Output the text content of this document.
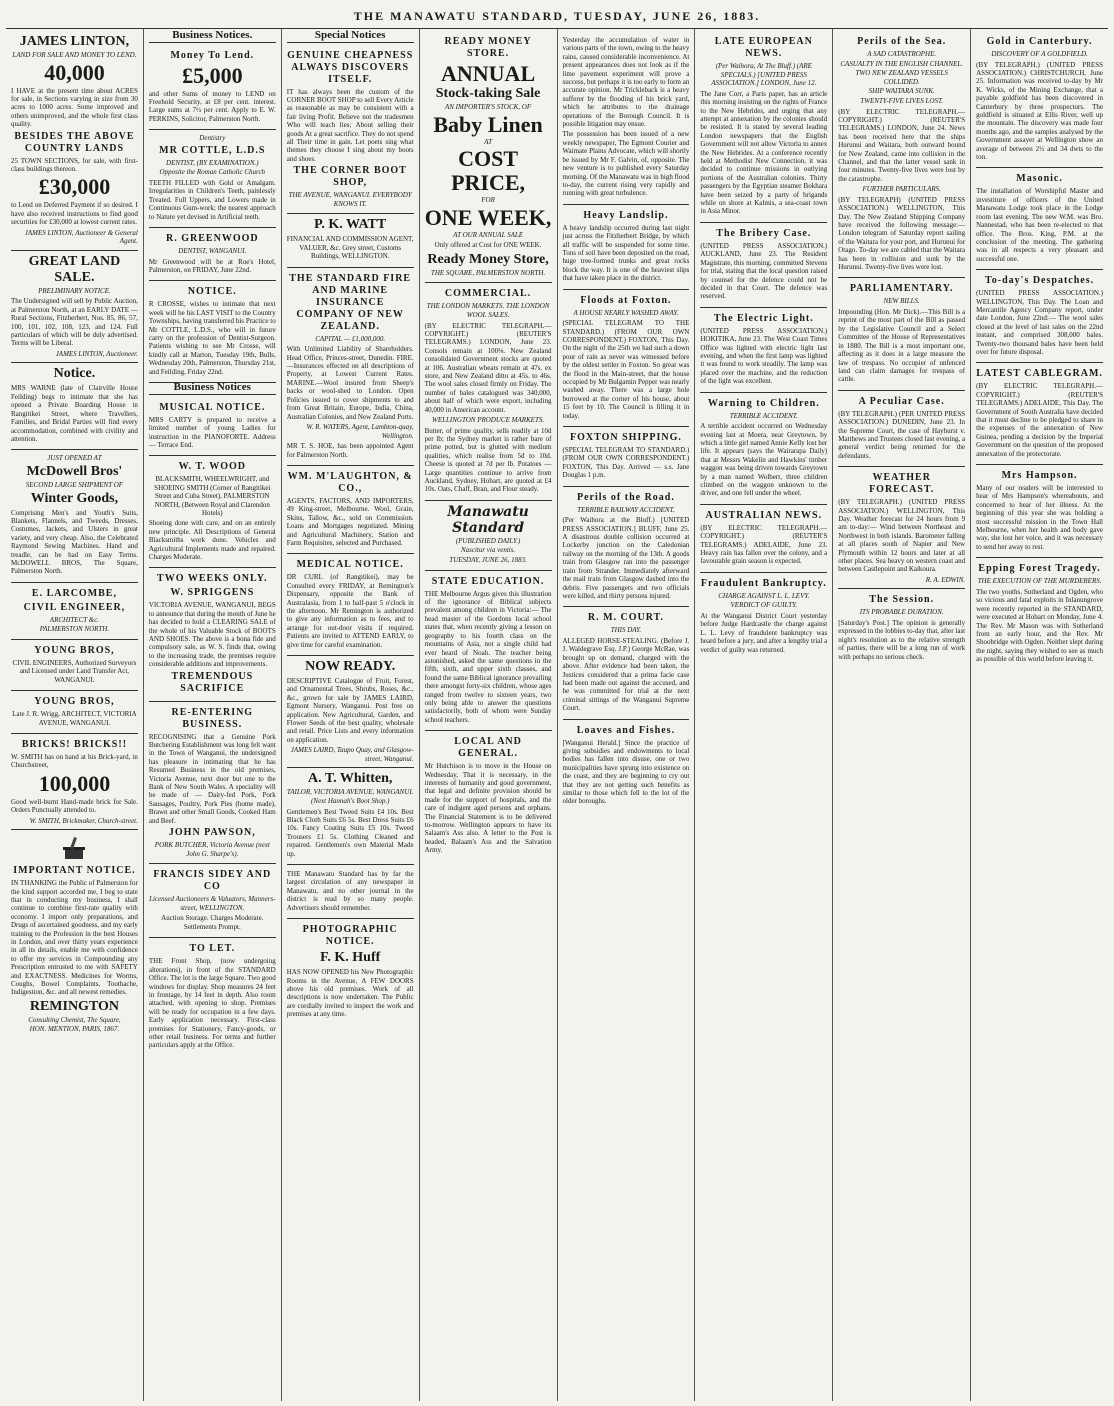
THE MANAWATU STANDARD, TUESDAY, JUNE 26, 1883.
JAMES LINTON,
LAND FOR SALE AND MONEY TO LEND.
40,000
I HAVE at the present time about ACRES for sale, in Sections varying in size from 30 acres to 1000 acres. Some improved and others unimproved, and the whole first class quality.
BESIDES THE ABOVE COUNTRY LANDS
25 TOWN SECTIONS, for sale, with first-class buildings thereon.
£30,000
to Lend on Deferred Payment if so desired. I have also received instructions to find good securities for £30,000 at lowest current rates.
JAMES LINTON, Auctioneer & General Agent.
GREAT LAND SALE.
PRELIMINARY NOTICE.
The Undersigned will sell by Public Auction, at Palmerston North, at an EARLY DATE — Rural Sections, Fitzherbert, Nos. 85, 86, 57, 100, 101, 102, 108, 123, and 124. Full particulars of which will be duly advertised. Terms will be Liberal.
JAMES LINTON, Auctioneer.
Notice.
MRS WARNE (late of Clairville House Feilding) begs to intimate that she has opened a Private Boarding House in Rangitikei Street, where Travellers, Families, and Bridal Parties will find every accommodation, combined with civility and attention.
JUST OPENED AT
McDowell Bros'
SECOND LARGE SHIPMENT OF
Winter Goods,
Comprising Men's and Youth's Suits, Blankets, Flannels, and Tweeds, Dresses, Costumes, Jackets, and Ulsters in great variety, and very cheap. Also, the Celebrated Raymond Sewing Machines. Hand and treadle, can be had on Easy Terms. McDOWELL BROS, The Square, Palmerston North.
E. LARCOMBE,
CIVIL ENGINEER,
ARCHITECT &c.
PALMERSTON NORTH.
YOUNG BROS,
CIVIL ENGINEERS, Authorized Surveyors and Licensed under Land Transfer Act, WANGANUI.
YOUNG BROS,
Late J. R. Wrigg, ARCHITECT, VICTORIA AVENUE, WANGANUI.
BRICKS! BRICKS!!
W. SMITH has on hand at his Brick-yard, in Churchstreet,
100,000
Good well-burnt Hand-made brick for Sale. Orders Punctually attended to.
W. SMITH, Brickmaker, Church-street.
IMPORTANT NOTICE.
IN THANKING the Public of Palmerston for the kind support accorded me, I beg to state that in conducting my business, I shall continue to combine first-rate quality with economy. I import only preparations, and Drugs of ascertained goodness, and my early training to the Profession in the best Houses in London, and over thirty years experience in all its details, enable me with confidence to offer my services in Compounding any Prescription entrusted to me with SAFETY and EXACTNESS. Medicines for Worms, Coughs, Bowel Complaints, Toothache, Indigestion, &c. and all newest remedies.
REMINGTON
Consulting Chemist, The Square,
HON. MENTION, PARIS, 1867.
Business Notices.
Money To Lend.
£5,000
and other Sums of money to LEND on Freehold Security, at £8 per cent. interest. Large sums at 7½ per cent. Apply to E. W. PERKINS, Solicitor, Palmerston North.
Dentistry
MR COTTLE, L.D.S
DENTIST, (BY EXAMINATION.)
Opposite the Roman Catholic Church
TEETH FILLED with Gold or Amalgam. Irregularities in Children's Teeth, painlessly Treated. Full Uppers, and Lowers made in Continuous Gum-work; the nearest approach to Nature yet devised in Artificial teeth.
R. GREENWOOD
DENTIST, WANGANUI.
Mr Greenwood will be at Roe's Hotel, Palmerston, on FRIDAY, June 22nd.
NOTICE.
R CROSSE, wishes to intimate that next week will be his LAST VISIT to the Country Townships, having transferred his Practice to Mr COTTLE, L.D.S., who will in future carry on the profession of Dentist-Surgeon. Patients wishing to see Mr Crosse, will kindly call at Marton, Tuesday 19th, Bulls, Wednesday 20th, Palmerston, Thursday 21st, and Feilding, Friday 22nd.
Business Notices
MUSICAL NOTICE.
MRS CARTY is prepared to receive a limited number of young Ladies for instruction in the PIANOFORTE. Address — Terrace End.
W. T. WOOD
BLACKSMITH, WHEELWRIGHT, and SHOEING SMITH (Corner of Rangitikei Street and Cuba Street), PALMERSTON NORTH, (Between Royal and Clarendon Hotels)
Shoeing done with care, and on an entirely new principle. All Descriptions of General Blacksmiths work done. Vehicles and Agricultural Implements made and repaired. Charges Moderate.
TWO WEEKS ONLY.
W. SPRIGGENS
VICTORIA AVENUE, WANGANUI, BEGS to announce that during the month of June he has decided to hold a CLEARING SALE of the whole of his Valuable Stock of BOOTS AND SHOES. The above is a bona fide and compulsory sale, as W. S. finds that, owing to the increasing trade, the premises require considerable additions and improvements.
TREMENDOUS SACRIFICE
RE-ENTERING BUSINESS.
RECOGNISING that a Genuine Pork Butchering Establishment was long felt want in the Town of Wanganui, the undersigned has pleasure in intimating that he has Resumed Business in the old premises, Victoria Avenue, next door but one to the Bank of New South Wales. A speciality will be made of — Dairy-fed Pork, Pork Sausages, Poultry, Pork Pies (home made), Brawn and other Small Goods, Cooked Ham and Beef.
JOHN PAWSON,
PORK BUTCHER, Victoria Avenue (next John G. Sharpe's).
FRANCIS SIDEY AND CO
Licensed Auctioneers & Valuators, Manners-street, WELLINGTON.
Auction Storage. Charges Moderate. Settlements Prompt.
TO LET.
THE Front Shop, (now undergoing alterations), in front of the STANDARD Office. The lot is the large Square. Two good windows for display. Shop measures 24 feet in frontage, by 14 feet in depth. Also room attached, with opening to shop. Premises will be ready for occupation in a few days. Early application necessary. First-class premises for Stationery, Fancy-goods, or other retail business. For terms and further particulars apply at the Office.
Special Notices
GENUINE CHEAPNESS ALWAYS DISCOVERS ITSELF.
IT has always been the custom of the CORNER BOOT SHOP to sell Every Article as reasonable as may be consistent with a fair living Profit. Believe not the tradesmen Who will teach lies; About selling their goods At a great sacrifice. They do not spend all Their time in gain. Let poets sing what themes they choose I sing about my boots and shoes.
THE CORNER BOOT SHOP,
THE AVENUE, WANGANUI. EVERYBODY KNOWS IT.
P. K. WATT
FINANCIAL AND COMMISSION AGENT, VALUER, &c. Grey street, Customs Buildings, WELLINGTON.
THE STANDARD FIRE AND MARINE INSURANCE COMPANY OF NEW ZEALAND.
CAPITAL — £1,000,000.
With Unlimited Liability of Shareholders. Head Office, Princes-street, Dunedin. FIRE.—Insurances effected on all descriptions of Property, at Lowest Current Rates. MARINE.—Wool insured from Sheep's backs or wool-shed to London. Open Policies issued to cover shipments to and from Great Britain, Europe, India, China, Australian Colonies, and New Zealand Ports.
W. R. WATERS, Agent, Lambton-quay, Wellington.
MR T. S. HOE, has been appointed Agent for Palmerston North.
WM. M'LAUGHTON, & CO.,
AGENTS, FACTORS, AND IMPORTERS, 49 King-street, Melbourne. Wool, Grain, Skins, Tallow, &c., sold on Commission. Loans and Mortgages negotiated. Mining and Agricultural Machinery, Station and Farm Requisites, selected and Purchased.
MEDICAL NOTICE.
DR CURL (of Rangitikei), may be Consulted every FRIDAY, at Remington's Dispensary, opposite the Bank of Australasia, from 1 to half-past 5 o'clock in the afternoon. Mr Remington is authorized to give any information as to fees, and to arrange for out-door visits if required. Patients are invited to ATTEND EARLY, to give time for careful examination.
NOW READY.
DESCRIPTIVE Catalogue of Fruit, Forest, and Ornamental Trees, Shrubs, Roses, &c., &c., grown for sale by JAMES LAIRD, Egmont Nursery, Wanganui. Post free on application. New Agricultural, Garden, and Flower Seeds of the best quality, wholesale and retail. Price Lists and every information on application.
JAMES LAIRD, Taupo Quay, and Glasgow-street, Wanganui.
A. T. Whitten,
TAILOR, VICTORIA AVENUE, WANGANUI. (Next Hannah's Boot Shop.)
Gentlemen's Best Tweed Suits £4 10s. Best Black Cloth Suits £6 5s. Best Dress Suits £6 10s. Fancy Coating Suits £5 10s. Tweed Trousers £1 5s. Clothing Cleaned and repaired. Gentlemen's own Material Made up.
THE Manawatu Standard has by far the largest circulation of any newspaper in Manawatu, and no other journal in the district is read by so many people. Advertisers should remember.
PHOTOGRAPHIC NOTICE.
F. K. Huff
HAS NOW OPENED his New Photographic Rooms in the Avenue, A FEW DOORS above his old premises. Work of all descriptions is now undertaken. The Public are cordially invited to inspect the work and premises at any time.
READY MONEY STORE.
ANNUAL
Stock-taking Sale
AN IMPORTER'S STOCK, OF
Baby Linen
AT
COST PRICE,
FOR
ONE WEEK,
AT OUR ANNUAL SALE
Only offered at Cost for ONE WEEK.
Ready Money Store,
THE SQUARE, PALMERSTON NORTH.
COMMERCIAL.
THE LONDON MARKETS. THE LONDON WOOL SALES.
(BY ELECTRIC TELEGRAPH.—COPYRIGHT.) (REUTER'S TELEGRAMS.) LONDON, June 23. Consols remain at 100⅛. New Zealand consolidated Government stocks are quoted at 106. Australian wheats remain at 47s. ex store, and New Zealand ditto at 45s. to 46s. The wool sales closed firmly on Friday. The number of bales catalogued was 340,000, about half of which were export, including 40,000 in American account.
WELLINGTON PRODUCE MARKETS.
Butter, of prime quality, sells readily at 10d per lb; the Sydney market is rather bare of prime potted, but is glutted with medium qualities, which realise from 5d to 10d. Cheese is quoted at 7d per lb. Potatoes — Large quantities continue to arrive from Auckland, Sydney, Hobart, are quoted at £4 10s. Oats, Chaff, Bran, and Flour steady.
Manawatu Standard
(PUBLISHED DAILY.)
Nascitur via ventis.
TUESDAY, JUNE 26, 1883.
STATE EDUCATION.
THE Melbourne Argus gives this illustration of the ignorance of Biblical subjects prevalent among children in Victoria:— The head master of the Gordons local school states that, when recently giving a lesson on geography to his fourth class on the mountains of Asia, not a single child had ever heard of Noah. The teacher being astonished, asked the same questions in the fifth, sixth, and upper sixth classes, and found the same Biblical ignorance prevailing there amongst forty-six children, whose ages ranged from twelve to sixteen years, two only being able to answer the questions satisfactorily, both of whom were Sunday school teachers.
LOCAL AND GENERAL.
Mr Hutchison is to move in the House on Wednesday, That it is necessary, in the interests of humanity and good government, that legal and definite provision should be made for the support of hospitals, and the care of indigent aged persons and orphans. The Financial Statement is to be delivered to-morrow. Wellington appears to have its Salaam's Ass also. A letter to the Post is headed, Balaam's Ass and the Salvation Army.
Yesterday the accumulation of water in various parts of the town, owing to the heavy rains, caused considerable inconvenience. At present appearances does not look as if the lime pavement experiment will prove a success, but perhaps it is too early to form an accurate opinion. Mr Trickleback is a heavy sufferer by the flooding of his brick yard, which he attributes to the drainage operations of the Borough Council. It is possible litigation may ensue.
The possession has been issued of a new weekly newspaper, The Egmont Courier and Waimate Plains Advocate, which will shortly be issued by Mr F. Galvin, of, opposite. The new venture is to published every Saturday morning. Of the Manawatu was in high flood to-day, the current rising very rapidly and running with great turbulence.
Heavy Landslip.
A heavy landslip occurred during last night just across the Fitzherbert Bridge, by which all traffic will be suspended for some time. Tons of soil have been deposited on the road, huge tree-formed trunks and great rocks block the way. It is one of the heaviest slips that have taken place in the district.
Floods at Foxton.
A HOUSE NEARLY WASHED AWAY.
(SPECIAL TELEGRAM TO THE STANDARD.) (FROM OUR OWN CORRESPONDENT.) FOXTON, This Day. On the night of the 25th we had such a down pour of rain as never was witnessed before by the oldest settler in Foxton. So great was the flood in the Main-street, that the house occupied by Mr Bulgamin Pepper was nearly washed away. There was a large hole burrowed at the corner of his house, about 15 feet by 10. The Council is filling it in today.
FOXTON SHIPPING.
(SPECIAL TELEGRAM TO STANDARD.) (FROM OUR OWN CORRESPONDENT.) FOXTON, This Day. Arrived — s.s. Jane Douglas 1 p.m.
Perils of the Road.
TERRIBLE RAILWAY ACCIDENT.
(Per Waihora at the Bluff.) [UNITED PRESS ASSOCIATION.] BLUFF, June 25. A disastrous double collision occurred at Lockerby junction on the Caledonian railway on the morning of the 13th. A goods train from Glasgow ran into the passenger train from Strander. Immediately afterward the mail train from Glasgow dashed into the debris. Five passengers and two officials were killed, and thirty persons injured.
R. M. COURT.
THIS DAY.
ALLEGED HORSE-STEALING. (Before J. J. Waldegrave Esq. J.P.) George McRae, was brought up on demand, charged with the above. After evidence had been taken, the Justices considered that a prima facie case had been made out against the accused, and he was committed for trial at the next criminal sittings of the Wanganui Supreme Court.
Loaves and Fishes.
[Wanganui Herald.] Since the practice of giving subsidies and endowments to local bodies has fallen into disuse, one or two municipalities have sprung into existence on the coast, and they are beginning to cry out that they are not getting such benefits as similar to those which fell to the lot of the older boroughs.
LATE EUROPEAN NEWS.
(Per Waihora, At The Bluff.) (ARE SPECIALS.) [UNITED PRESS ASSOCIATION.] LONDON, June 12.
The Jane Corr, a Paris paper, has an article this morning insisting on the rights of France to the New Hebrides, and urging that any attempt at annexation by the colonies should be resisted. It is stated by several leading London newspapers that the English Government will not allow Victoria to annex the New Hebrides. At a conference recently held at Methodist New Connection, it was decided to continue missions in outlying portions of the Australian colonies. Thirty passengers by the Egyptian steamer Bokhara have been seized by a party of brigands while on shore at Kalmis, a sea-coast town in Asia Minor.
The Bribery Case.
(UNITED PRESS ASSOCIATION.) AUCKLAND, June 23. The Resident Magistrate, this morning, committed Stevens for trial, stating that the local question raised by counsel for the defence could not be decided in that Court. The defence was reserved.
The Electric Light.
(UNITED PRESS ASSOCIATION.) HOKITIKA, June 23. The West Coast Times Office was lighted with electric light last evening, and when the first lamp was lighted it was found to work steadily. The lamp was placed over the machine, and the reduction of the light was excellent.
Warning to Children.
TERRIBLE ACCIDENT.
A terrible accident occurred on Wednesday evening last at Moera, near Greytown, by which a little girl named Annie Kelly lost her life. It appears (says the Wairarapa Daily) that at Messrs Wakelin and Hawkins' timber waggon was being driven towards Greytown by a man named Wolbert, three children climbed on the waggon unknown to the driver, and one fell under the wheel.
AUSTRALIAN NEWS.
(BY ELECTRIC TELEGRAPH.—COPYRIGHT.) (REUTER'S TELEGRAMS.) ADELAIDE, June 23. Heavy rain has fallen over the colony, and a favourable grain season is expected.
Fraudulent Bankruptcy.
CHARGE AGAINST L. L. LEVY.
VERDICT OF GUILTY.
At the Wanganui District Court yesterday before Judge Hardcastle the charge against L. L. Levy of fraudulent bankruptcy was heard before a jury, and after a lengthy trial a verdict of guilty was returned.
Perils of the Sea.
A SAD CATASTROPHE.
CASUALTY IN THE ENGLISH CHANNEL.
TWO NEW ZEALAND VESSELS COLLIDED.
SHIP WAITARA SUNK.
TWENTY-FIVE LIVES LOST.
(BY ELECTRIC TELEGRAPH.—COPYRIGHT.) (REUTER'S TELEGRAMS.) LONDON, June 24. News has been received here that the ships Hurunui and Waitara, both outward bound for New Zealand, came into collision in the Channel, and that the latter vessel sank in four minutes. Twenty-five lives were lost by the catastrophe.
FURTHER PARTICULARS.
(BY TELEGRAPH) (UNITED PRESS ASSOCIATION.) WELLINGTON, This Day. The New Zealand Shipping Company have received the following message:— London telegram of Saturday report sailing of the Waitara for your port, and Hurunui for Otago. To-day we are cabled that the Waitara has been in collision and sunk by the Hurunui. Twenty-five lives were lost.
PARLIAMENTARY.
NEW BILLS.
Impounding (Hon. Mr Dick).—This Bill is a reprint of the most part of the Bill as passed by the Legislative Council and a Select Committee of the House of Representatives in 1880. The Bill is a most important one, affecting as it does in a large measure the law of trespass. No occupier of unfenced land can claim damages for trespass of cattle.
A Peculiar Case.
(BY TELEGRAPH.) (PER UNITED PRESS ASSOCIATION.) DUNEDIN, June 23. In the Supreme Court, the case of Hayhurst v. Matthews and Trustees closed last evening, a general verdict being returned for the defendants.
WEATHER FORECAST.
(BY TELEGRAPH.) (UNITED PRESS ASSOCIATION.) WELLINGTON, This Day. Weather forecast for 24 hours from 9 am to-day:— Wind between Northeast and Northwest in both islands. Barometer falling at all places south of Napier and New Plymouth within 12 hours and later at all other places. Sea heavy on western coast and between Castlepoint and Kaikoura.
R. A. EDWIN.
The Session.
ITS PROBABLE DURATION.
[Saturday's Post.] The opinion is generally expressed in the lobbies to-day that, after last night's resolution as to the relative strength of parties, there will be a long run of work with perhaps no serious check.
Gold in Canterbury.
DISCOVERY OF A GOLDFIELD.
(BY TELEGRAPH.) (UNITED PRESS ASSOCIATION.) CHRISTCHURCH, June 25. Information was received to-day by Mr K. Wicks, of the Mining Exchange, that a payable goldfield has been discovered in Canterbury by three prospectors. The goldfield is situated at Ellis River, well up the mountain. The discovery was made four months ago, and the samples analysed by the Government assayer at Wellington show an average of between 2½ and 34 dwts to the ton.
Masonic.
The installation of Worshipful Master and investiture of officers of the United Manawatu Lodge took place in the Lodge room last evening. The new W.M. was Bro. Nannestad, who has been re-elected to that office. The Bros. King, P.M. at the conclusion of the meeting. The gathering was in all respects a very pleasant and successful one.
To-day's Despatches.
(UNITED PRESS ASSOCIATION.) WELLINGTON, This Day. The Loan and Mercantile Agency Company report, under date London, June 22nd:— The wool sales closed at the level of last sales on the 22nd instant, and comprised 308,000 bales. Twenty-two thousand bales have been held over for future disposal.
LATEST CABLEGRAM.
(BY ELECTRIC TELEGRAPH.—COPYRIGHT.) (REUTER'S TELEGRAMS.) ADELAIDE, This Day. The Government of South Australia have decided that it must decline to be pledged to share in the expenses of the annexation of New Guinea, pending a decision by the Imperial Government on the question of the proposed annexation of the protectorate.
Mrs Hampson.
Many of our readers will be interested to hear of Mrs Hampson's whereabouts, and concerned to hear of her illness. At the beginning of this year she was holding a most successful mission in the Town Hall Melbourne, when her health and body gave way, she lost her voice, and it was necessary to send her away to rest.
Epping Forest Tragedy.
THE EXECUTION OF THE MURDERERS.
The two youths, Sutherland and Ogden, who so vicious and fatal exploits in Inlanungrove were recently reported in the STANDARD, were executed at Hobart on Monday, June 4. The Rev. Mr Mason was with Sutherland from an early hour, and the Rev. Mr Shoobridge with Ogden. Neither slept during the night, saying they wished to see as much as possible of this world before leaving it.
